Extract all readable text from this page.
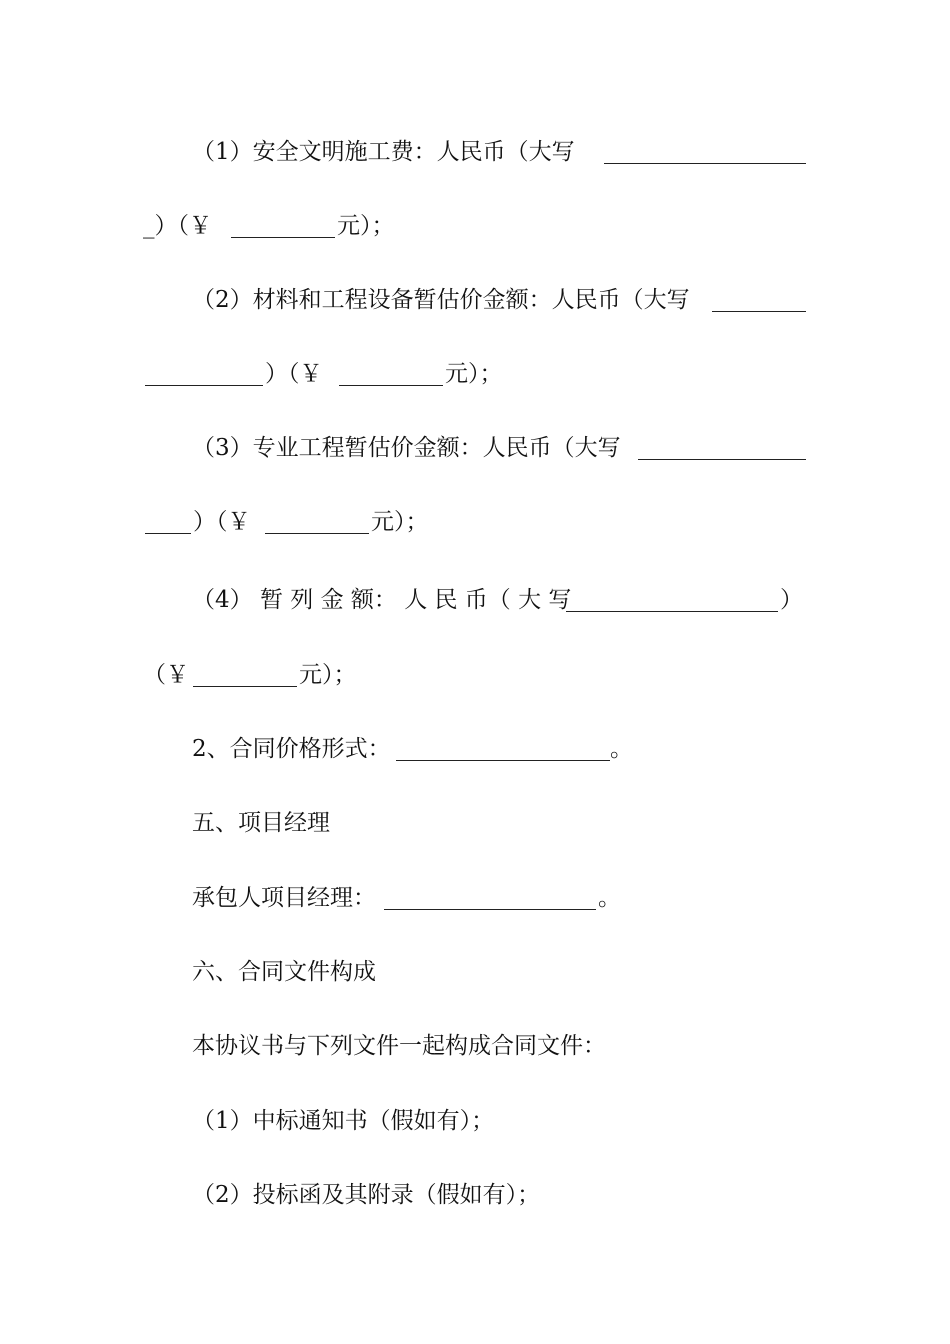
（1）安全文明施工费：人民币（大写
_）（￥	元）；
（2）材料和工程设备暂估价金额：人民币（大写
）（￥	元）；
（3）专业工程暂估价金额：人民币（大写
）（￥	元）；
（4） 暂 列 金 额： 人 民 币（ 大 写	）
（￥	元）；
2、合同价格形式：	。
五、项目经理
承包人项目经理：	。
六、合同文件构成
本协议书与下列文件一起构成合同文件：
（1）中标通知书（假如有）；
（2）投标函及其附录（假如有）；
